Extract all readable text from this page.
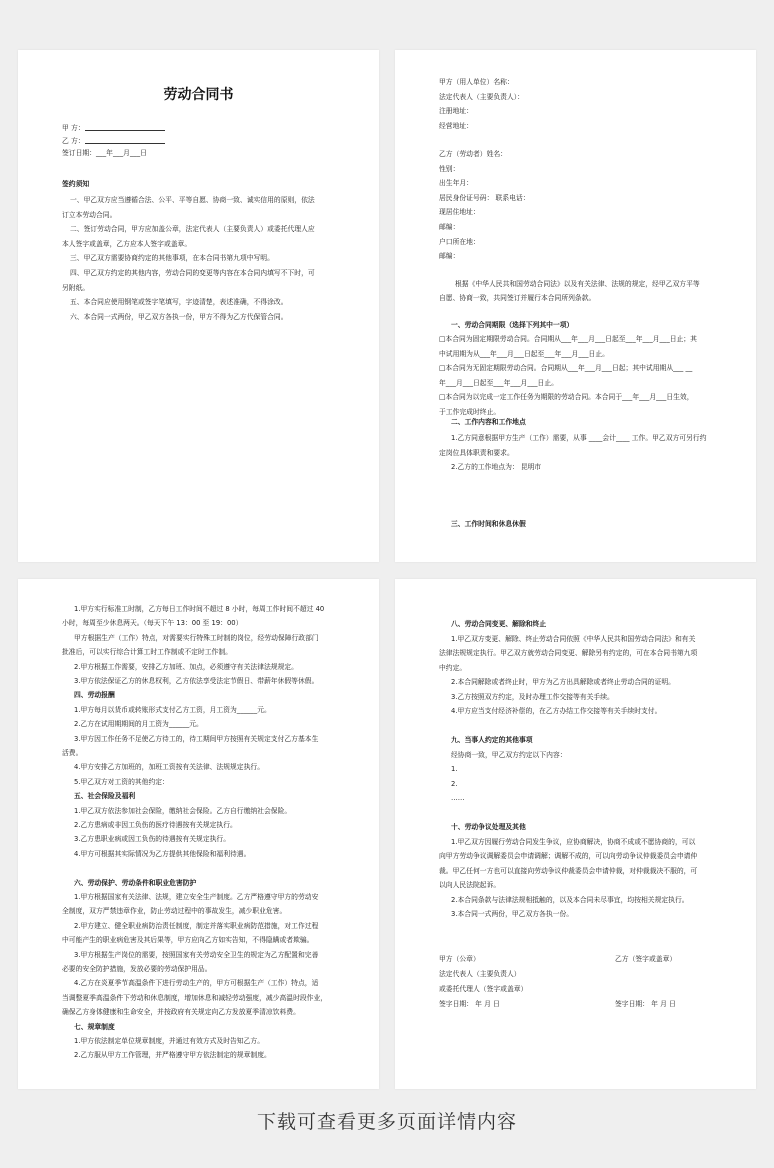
劳动合同书
甲 方：
乙 方：
签订日期：___年___月___日
签约须知
一、甲乙双方应当遵循合法、公平、平等自愿、协商一致、诚实信用的原则，依法
订立本劳动合同。
二、签订劳动合同，甲方应加盖公章，法定代表人（主要负责人）或委托代理人应
本人签字或盖章，乙方应本人签字或盖章。
三、甲乙双方需要协商约定的其他事项，在本合同书第九项中写明。
四、甲乙双方约定的其他内容，劳动合同的变更等内容在本合同内填写不下时，可
另附纸。
五、本合同应使用钢笔或签字笔填写，字迹清楚，表述准确，不得涂改。
六、本合同一式两份，甲乙双方各执一份，甲方不得为乙方代保管合同。
甲方（用人单位）名称：
法定代表人（主要负责人）：
注册地址：
经营地址：
乙方（劳动者）姓名：
性别：
出生年月：
居民身份证号码： 联系电话：
现居住地址：
邮编：
户口所在地：
邮编：
根据《中华人民共和国劳动合同法》以及有关法律、法规的规定，经甲乙双方平等
自愿、协商一致，共同签订并履行本合同所列条款。
一、劳动合同期限（选择下列其中一项）
□本合同为固定期限劳动合同。合同期从___年___月___日起至___年___月___日止；其
中试用期为从___年___月___日起至___年___月___日止。
□本合同为无固定期限劳动合同。合同期从___年___月___日起；其中试用期从___ __
年___月___日起至___年___月___日止。
□本合同为以完成一定工作任务为期限的劳动合同。本合同于___年___月___日生效，
于工作完成时终止。
二、工作内容和工作地点
1.乙方同意根据甲方生产（工作）需要，从事 ____会计____ 工作。甲乙双方可另行约
定岗位具体职责和要求。
2.乙方的工作地点为： 昆明市
三、工作时间和休息休假
1.甲方实行标准工时制，乙方每日工作时间不超过 8 小时，每周工作时间不超过 40
小时，每周至少休息两天。（每天下午 13：00 至 19：00）
甲方根据生产（工作）特点，对需要实行特殊工时制的岗位，经劳动保障行政部门
批准后，可以实行综合计算工时工作制或不定时工作制。
2.甲方根据工作需要，安排乙方加班、加点，必须遵守有关法律法规规定。
3.甲方依法保证乙方的休息权利，乙方依法享受法定节假日、带薪年休假等休假。
四、劳动报酬
1.甲方每月以货币或转账形式支付乙方工资，月工资为______元。
2.乙方在试用期期间的月工资为______元。
3.甲方因工作任务不足使乙方待工的，待工期间甲方按照有关规定支付乙方基本生
活费。
4.甲方安排乙方加班的，加班工资按有关法律、法规规定执行。
5.甲乙双方对工资的其他约定：
五、社会保险及福利
1.甲乙双方依法参加社会保险，缴纳社会保险。乙方自行缴纳社会保险。
2.乙方患病或非因工负伤的医疗待遇按有关规定执行。
3.乙方患职业病或因工负伤的待遇按有关规定执行。
4.甲方可根据其实际情况为乙方提供其他保险和福利待遇。
六、劳动保护、劳动条件和职业危害防护
1.甲方根据国家有关法律、法规，建立安全生产制度。乙方严格遵守甲方的劳动安
全制度，双方严禁违章作业，防止劳动过程中的事故发生，减少职业危害。
2.甲方建立、健全职业病防治责任制度，制定并落实职业病防范措施，对工作过程
中可能产生的职业病危害及其后果等，甲方应向乙方如实告知，不得隐瞒或者欺骗。
3.甲方根据生产岗位的需要，按照国家有关劳动安全卫生的规定为乙方配置和完善
必要的安全防护措施，发放必要的劳动保护用品。
4.乙方在炎夏季节高温条件下进行劳动生产的，甲方可根据生产（工作）特点，适
当调整夏季高温条件下劳动和休息制度，增加休息和减轻劳动强度，减少高温时段作业，
确保乙方身体健康和生命安全，并按政府有关规定向乙方发放夏季清凉饮料费。
七、规章制度
1.甲方依法制定单位规章制度，并通过有效方式及时告知乙方。
2.乙方服从甲方工作管理，并严格遵守甲方依法制定的规章制度。
八、劳动合同变更、解除和终止
1.甲乙双方变更、解除、终止劳动合同依照《中华人民共和国劳动合同法》和有关
法律法规规定执行。甲乙双方就劳动合同变更、解除另有约定的，可在本合同书第九项
中约定。
2.本合同解除或者终止时，甲方为乙方出具解除或者终止劳动合同的证明。
3.乙方按照双方约定，及时办理工作交接等有关手续。
4.甲方应当支付经济补偿的，在乙方办结工作交接等有关手续时支付。
九、当事人约定的其他事项
经协商一致，甲乙双方约定以下内容：
1.
2.
……
十、劳动争议处理及其他
1.甲乙双方因履行劳动合同发生争议，应协商解决，协商不成或不愿协商的，可以
向甲方劳动争议调解委员会申请调解；调解不成的，可以向劳动争议仲裁委员会申请仲
裁。甲乙任何一方也可以直接向劳动争议仲裁委员会申请仲裁，对仲裁裁决不服的，可
以向人民法院起诉。
2.本合同条款与法律法规相抵触的，以及本合同未尽事宜，均按相关规定执行。
3.本合同一式两份，甲乙双方各执一份。
甲方（公章）
法定代表人（主要负责人）
或委托代理人（签字或盖章）
签字日期： 年 月 日
乙方（签字或盖章）
签字日期： 年 月 日
下载可查看更多页面详情内容
